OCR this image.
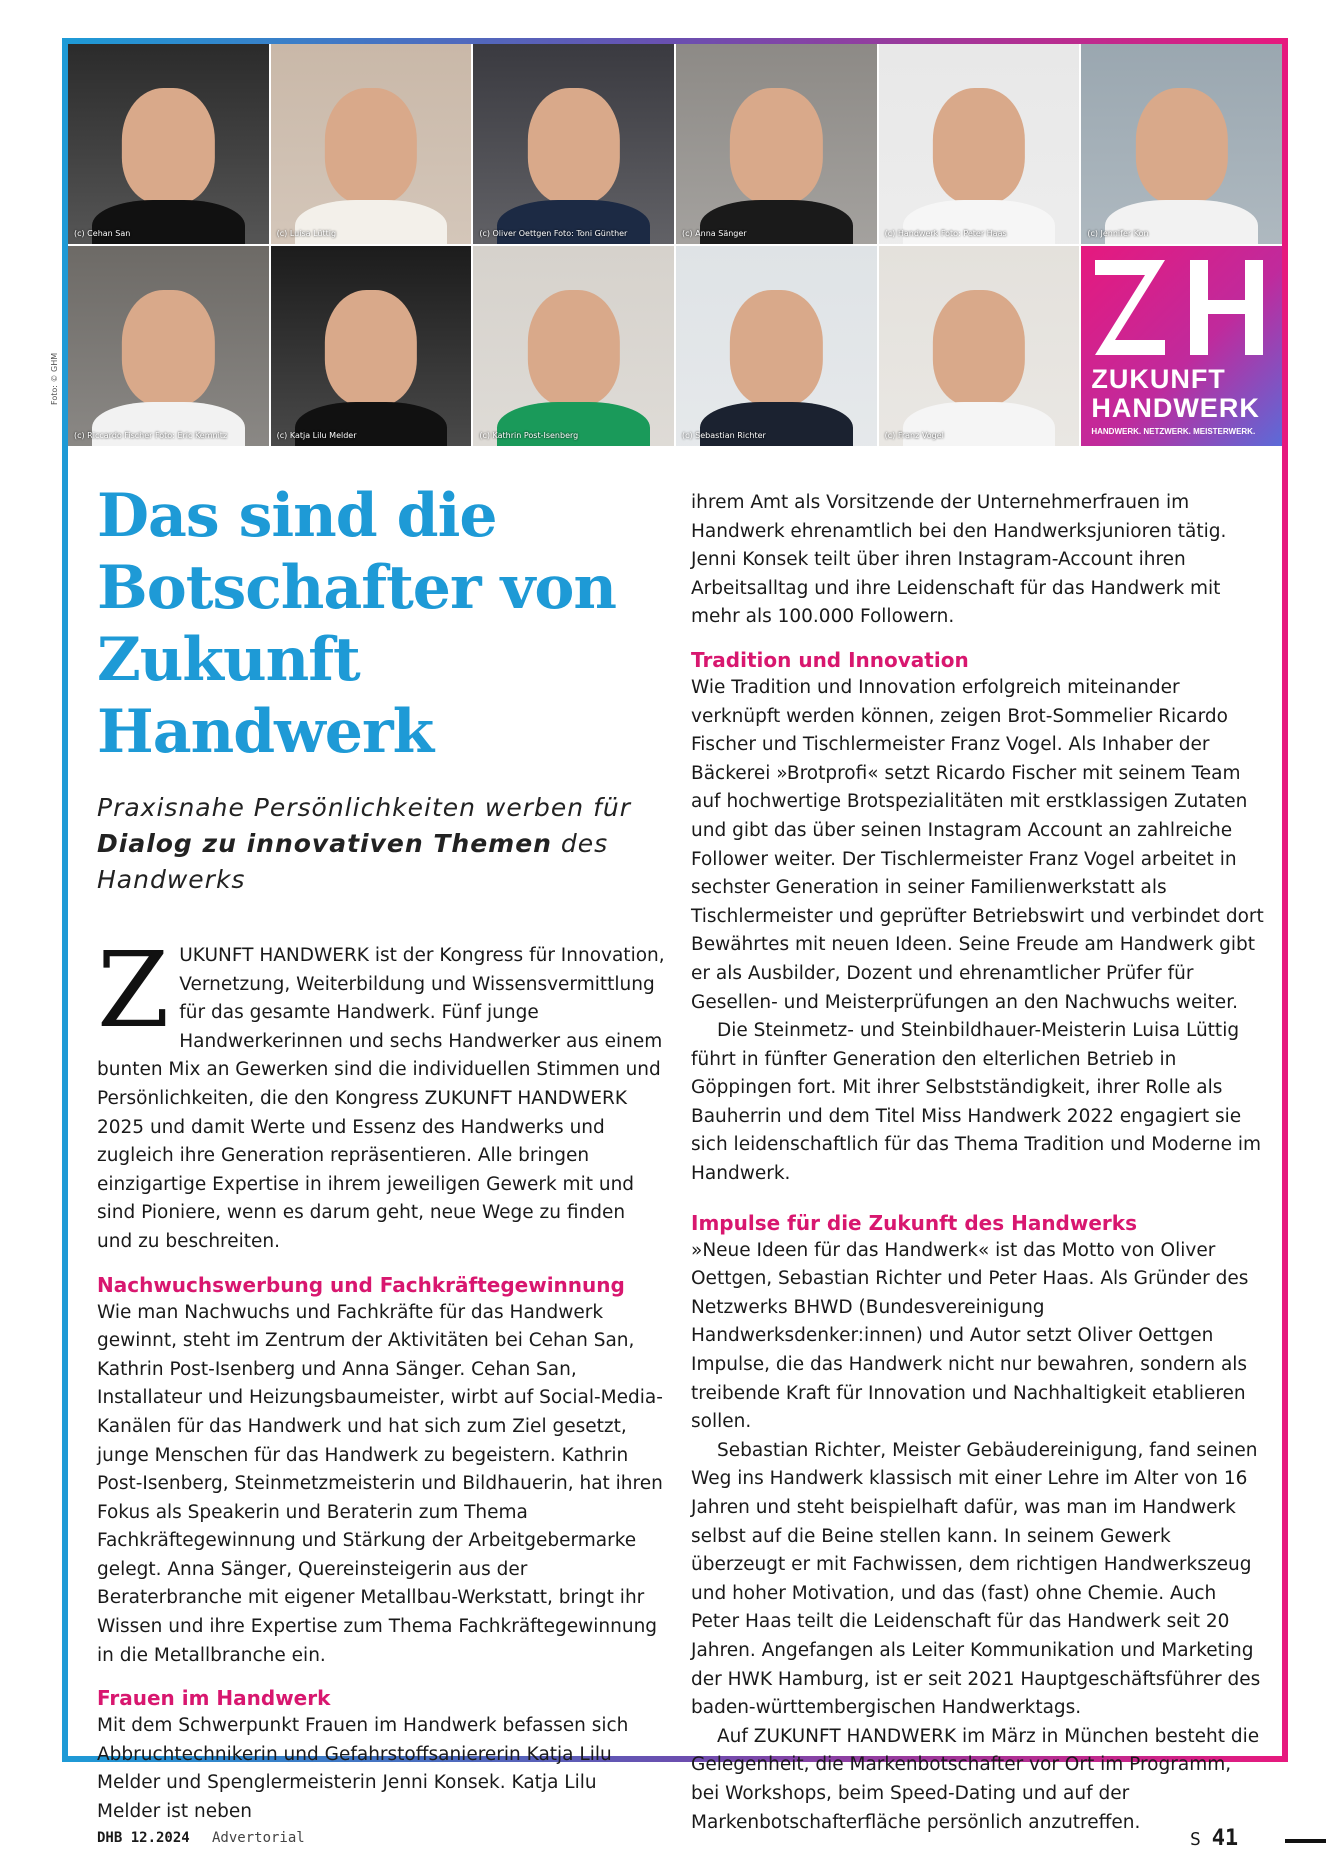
Foto: © GHM
(c) Cehan San	(c) Luisa Lüttig	(c) Oliver Oettgen Foto: Toni Günther	(c) Anna Sänger	(c) Handwerk Foto: Peter Haas	(c) Jennifer Kon
(c) Riccardo Fischer Foto: Eric Kemnitz	(c) Katja Lilu Melder	(c) Kathrin Post-Isenberg	(c) Sebastian Richter	(c) Franz Vogel
ZUKUNFT
HANDWERK
HANDWERK. NETZWERK. MEISTERWERK.
Das sind die Botschafter von Zukunft Handwerk
Praxisnahe Persönlichkeiten werben für Dialog zu innovativen Themen des Handwerks

ZUKUNFT HANDWERK ist der Kongress für Innovation, Vernetzung, Weiterbildung und Wissensvermittlung für das gesamte Handwerk. Fünf junge Handwerkerinnen und sechs Handwerker aus einem bunten Mix an Gewerken sind die individuellen Stimmen und Persönlichkeiten, die den Kongress ZUKUNFT HANDWERK 2025 und damit Werte und Essenz des Handwerks und zugleich ihre Generation repräsentieren. Alle bringen einzigartige Expertise in ihrem jeweiligen Gewerk mit und sind Pioniere, wenn es darum geht, neue Wege zu finden und zu beschreiten.

Nachwuchswerbung und Fachkräftegewinnung

Wie man Nachwuchs und Fachkräfte für das Handwerk gewinnt, steht im Zentrum der Aktivitäten bei Cehan San, Kathrin Post-Isenberg und Anna Sänger. Cehan San, Installateur und Heizungsbaumeister, wirbt auf Social-Media-Kanälen für das Handwerk und hat sich zum Ziel gesetzt, junge Menschen für das Handwerk zu begeistern. Kathrin Post-Isenberg, Steinmetzmeisterin und Bildhauerin, hat ihren Fokus als Speakerin und Beraterin zum Thema Fachkräftegewinnung und Stärkung der Arbeitgebermarke gelegt. Anna Sänger, Quereinsteigerin aus der Beraterbranche mit eigener Metallbau-Werkstatt, bringt ihr Wissen und ihre Expertise zum Thema Fachkräftegewinnung in die Metallbranche ein.

Frauen im Handwerk

Mit dem Schwerpunkt Frauen im Handwerk befassen sich Abbruchtechnikerin und Gefahrstoffsaniererin Katja Lilu Melder und Spenglermeisterin Jenni Konsek. Katja Lilu Melder ist neben

ihrem Amt als Vorsitzende der Unternehmerfrauen im Handwerk ehrenamtlich bei den Handwerksjunioren tätig. Jenni Konsek teilt über ihren Instagram-Account ihren Arbeitsalltag und ihre Leidenschaft für das Handwerk mit mehr als 100.000 Followern.

Tradition und Innovation

Wie Tradition und Innovation erfolgreich miteinander verknüpft werden können, zeigen Brot-Sommelier Ricardo Fischer und Tischlermeister Franz Vogel. Als Inhaber der Bäckerei »Brotprofi« setzt Ricardo Fischer mit seinem Team auf hochwertige Brotspezialitäten mit erstklassigen Zutaten und gibt das über seinen Instagram Account an zahlreiche Follower weiter. Der Tischlermeister Franz Vogel arbeitet in sechster Generation in seiner Familienwerkstatt als Tischlermeister und geprüfter Betriebswirt und verbindet dort Bewährtes mit neuen Ideen. Seine Freude am Handwerk gibt er als Ausbilder, Dozent und ehrenamtlicher Prüfer für Gesellen- und Meisterprüfungen an den Nachwuchs weiter.

Die Steinmetz- und Steinbildhauer-Meisterin Luisa Lüttig führt in fünfter Generation den elterlichen Betrieb in Göppingen fort. Mit ihrer Selbstständigkeit, ihrer Rolle als Bauherrin und dem Titel Miss Handwerk 2022 engagiert sie sich leidenschaftlich für das Thema Tradition und Moderne im Handwerk.

Impulse für die Zukunft des Handwerks

»Neue Ideen für das Handwerk« ist das Motto von Oliver Oettgen, Sebastian Richter und Peter Haas. Als Gründer des Netzwerks BHWD (Bundesvereinigung Handwerksdenker:innen) und Autor setzt Oliver Oettgen Impulse, die das Handwerk nicht nur bewahren, sondern als treibende Kraft für Innovation und Nachhaltigkeit etablieren sollen.

Sebastian Richter, Meister Gebäudereinigung, fand seinen Weg ins Handwerk klassisch mit einer Lehre im Alter von 16 Jahren und steht beispielhaft dafür, was man im Handwerk selbst auf die Beine stellen kann. In seinem Gewerk überzeugt er mit Fachwissen, dem richtigen Handwerkszeug und hoher Motivation, und das (fast) ohne Chemie. Auch Peter Haas teilt die Leidenschaft für das Handwerk seit 20 Jahren. Angefangen als Leiter Kommunikation und Marketing der HWK Hamburg, ist er seit 2021 Hauptgeschäftsführer des baden-württembergischen Handwerktags.

Auf ZUKUNFT HANDWERK im März in München besteht die Gelegenheit, die Markenbotschafter vor Ort im Programm, bei Workshops, beim Speed-Dating und auf der Markenbotschafterfläche persönlich anzutreffen.

DHB 12.2024 Advertorial	S 41
